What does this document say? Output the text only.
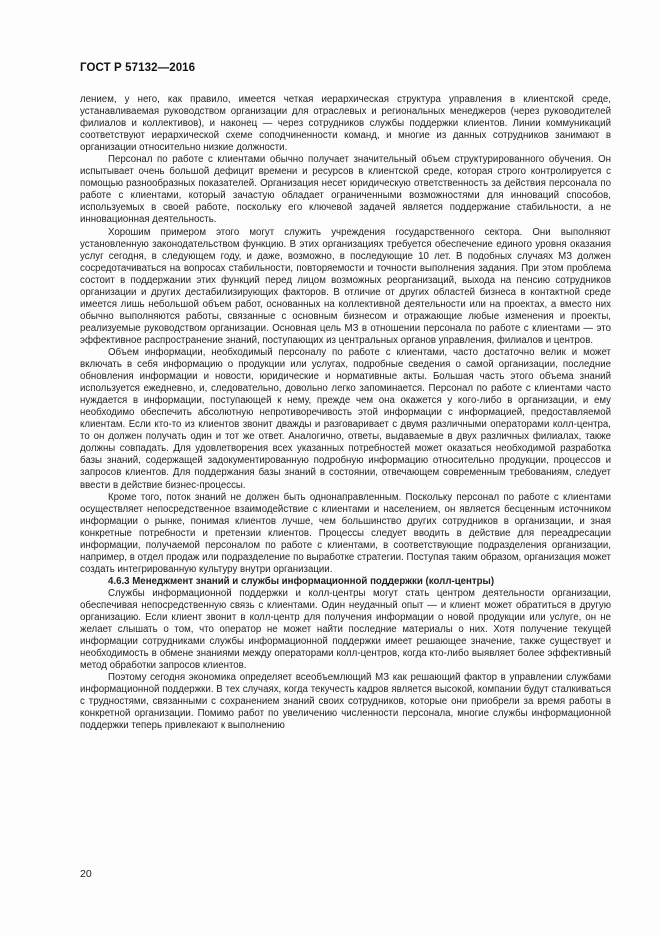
ГОСТ Р 57132—2016

лением, у него, как правило, имеется четкая иерархическая структура управления в клиентской среде, устанавливаемая руководством организации для отраслевых и региональных менеджеров (через руководителей филиалов и коллективов), и наконец — через сотрудников службы поддержки клиентов. Линии коммуникаций соответствуют иерархической схеме соподчиненности команд, и многие из данных сотрудников занимают в организации относительно низкие должности.

Персонал по работе с клиентами обычно получает значительный объем структурированного обучения. Он испытывает очень большой дефицит времени и ресурсов в клиентской среде, которая строго контролируется с помощью разнообразных показателей. Организация несет юридическую ответственность за действия персонала по работе с клиентами, который зачастую обладает ограниченными возможностями для инноваций способов, используемых в своей работе, поскольку его ключевой задачей является поддержание стабильности, а не инновационная деятельность.

Хорошим примером этого могут служить учреждения государственного сектора. Они выполняют установленную законодательством функцию. В этих организациях требуется обеспечение единого уровня оказания услуг сегодня, в следующем году, и даже, возможно, в последующие 10 лет. В подобных случаях МЗ должен сосредотачиваться на вопросах стабильности, повторяемости и точности выполнения задания. При этом проблема состоит в поддержании этих функций перед лицом возможных реорганизаций, выхода на пенсию сотрудников организации и других дестабилизирующих факторов. В отличие от других областей бизнеса в контактной среде имеется лишь небольшой объем работ, основанных на коллективной деятельности или на проектах, а вместо них обычно выполняются работы, связанные с основным бизнесом и отражающие любые изменения и проекты, реализуемые руководством организации. Основная цель МЗ в отношении персонала по работе с клиентами — это эффективное распространение знаний, поступающих из центральных органов управления, филиалов и центров.

Объем информации, необходимый персоналу по работе с клиентами, часто достаточно велик и может включать в себя информацию о продукции или услугах, подробные сведения о самой организации, последние обновления информации и новости, юридические и нормативные акты. Большая часть этого объема знаний используется ежедневно, и, следовательно, довольно легко запоминается. Персонал по работе с клиентами часто нуждается в информации, поступающей к нему, прежде чем она окажется у кого-либо в организации, и ему необходимо обеспечить абсолютную непротиворечивость этой информации с информацией, предоставляемой клиентам. Если кто-то из клиентов звонит дважды и разговаривает с двумя различными операторами колл-центра, то он должен получать один и тот же ответ. Аналогично, ответы, выдаваемые в двух различных филиалах, также должны совпадать. Для удовлетворения всех указанных потребностей может оказаться необходимой разработка базы знаний, содержащей задокументированную подробную информацию относительно продукции, процессов и запросов клиентов. Для поддержания базы знаний в состоянии, отвечающем современным требованиям, следует ввести в действие бизнес-процессы.

Кроме того, поток знаний не должен быть однонаправленным. Поскольку персонал по работе с клиентами осуществляет непосредственное взаимодействие с клиентами и населением, он является бесценным источником информации о рынке, понимая клиентов лучше, чем большинство других сотрудников в организации, и зная конкретные потребности и претензии клиентов. Процессы следует вводить в действие для переадресации информации, получаемой персоналом по работе с клиентами, в соответствующие подразделения организации, например, в отдел продаж или подразделение по выработке стратегии. Поступая таким образом, организация может создать интегрированную культуру внутри организации.

4.6.3 Менеджмент знаний и службы информационной поддержки (колл-центры)

Службы информационной поддержки и колл-центры могут стать центром деятельности организации, обеспечивая непосредственную связь с клиентами. Один неудачный опыт — и клиент может обратиться в другую организацию. Если клиент звонит в колл-центр для получения информации о новой продукции или услуге, он не желает слышать о том, что оператор не может найти последние материалы о них. Хотя получение текущей информации сотрудниками службы информационной поддержки имеет решающее значение, также существует и необходимость в обмене знаниями между операторами колл-центров, когда кто-либо выявляет более эффективный метод обработки запросов клиентов.

Поэтому сегодня экономика определяет всеобъемлющий МЗ как решающий фактор в управлении службами информационной поддержки. В тех случаях, когда текучесть кадров является высокой, компании будут сталкиваться с трудностями, связанными с сохранением знаний своих сотрудников, которые они приобрели за время работы в конкретной организации. Помимо работ по увеличению численности персонала, многие службы информационной поддержки теперь привлекают к выполнению

20
